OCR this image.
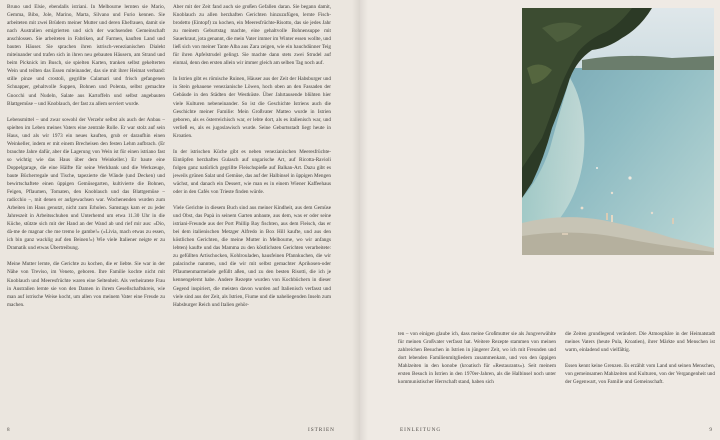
Bruno und Elsie, ebendalls istriani. In Melbourne lernten sie Mario, Gemma, Bibo, Jole, Marino, Marta, Silvano und Furio kennen. Sie arbeiteten mit zwei Brüdern meiner Mutter und deren Ehefrauen, damit sie nach Australien emigrierten und sich der wachsenden Gemeinschaft anschlossen. Sie arbeiteten in Fabriken, auf Farmen, kauften Land und bauten Häuser. Sie sprachen ihren istrisch-venezianischen Dialekt miteinander und trafen sich in ihren neu gebauten Häusern, am Strand und beim Picknick im Busch, sie spielten Karten, tranken selbst gekelterten Wein und teilten das Essen miteinander, das sie mit ihrer Heimat verband: stille pinze und crostoli, gegrillte Calamari und frisch gefangenen Schnapper, gehaltvolle Suppen, Bohnen und Polenta, selbst gemachte Gnocchi und Nudeln, Salate aus Kartoffeln und selbst angebauten Blattgemüse – und Knoblauch, der fast zu allem serviert wurde.

Lebensmittel – und zwar sowohl der Verzehr selbst als auch der Anbau – spielten im Leben meines Vaters eine zentrale Rolle. Er war stolz auf sein Haus, und als wir 1973 ein neues kauften, grub er daraufhin einen Weinkeller, indem er mit einem Brecheisen den festen Lehm aufbrach. (Er brauchte Jahre dafür, aber die Lagerung von Wein ist für einen istriano fast so wichtig wie das Haus über dem Weinkeller.) Er baute eine Doppelgarage, die eine Hälfte für seine Werkbank und die Werkzeuge, baute Bücherregale und Tische, tapezierte die Wände (und Decken) und bewirtschaftete einen üppigen Gemüsegarten, kultivierte die Bohnen, Feigen, Pflaumen, Tomaten, den Knoblauch und das Blattgemüse – radicchio –, mit denen er aufgewachsen war. Wochenenden wurden zum Arbeiten im Haus genutzt, nicht zum Erholen. Samstags kam er zu jeder Jahreszeit in Arbeitsschuhen und Unterhemd um etwa 11.30 Uhr in die Küche, stützte sich mit der Hand an der Wand ab und rief mir aus: «Dio, dà-me de magnar che me tremo le gambe!» («Livia, mach etwas zu essen, ich bin ganz wacklig auf den Beinen!») Wie viele Italiener neigte er zu Dramatik und etwas Übertreibung.

Meine Mutter lernte, die Gerichte zu kochen, die er liebte. Sie war in der Nähe von Treviso, im Veneto, geboren. Ihre Familie kochte nicht mit Knoblauch und Meeresfrüchte waren eine Seltenheit. Als verheiratete Frau in Australien lernte sie von den Damen in ihrem Gesellschaftskreis, wie man auf istrische Weise kocht, um allen von meinem Vater eine Freude zu machen.

Aber mit der Zeit fand auch sie großen Gefallen daran. Sie begann damit, Knoblauch zu allen herzhaften Gerichten hinzuzufügen, lernte Fisch-brodetto (Eintopf) zu kochen, ein Meeresfrüchte-Risotto, das sie jedes Jahr zu meinem Geburtstag machte, eine gehaltvolle Bohnensuppe mit Sauerkraut, jota genannt, die mein Vater immer im Winter essen wollte, und ließ sich von meiner Tante Alba aus Zara zeigen, wie ein hauchdünner Teig für ihren Apfelstrudel gelingt. Sie machte dann stets zwei Strudel auf einmal, denn den ersten allein wir immer gleich am selben Tag noch auf.

In Istrien gibt es römische Ruinen, Häuser aus der Zeit der Habsburger und in Stein gehauene venezianische Löwen, hoch oben an den Fassaden der Gebäude in den Städten der Westküste. Über Jahrtausende blühten hier viele Kulturen nebeneinander. So ist die Geschichte Istriens auch die Geschichte meiner Familie: Mein Großvater Matteo wurde in Istrien geboren, als es österreichisch war, er lebte dort, als es italienisch war, und verließ es, als es jugoslawisch wurde. Seine Geburtsstadt liegt heute in Kroatien.

In der istrischen Küche gibt es neben venezianischen Meeresfrüchte-Eintöpfen herzhaftes Gulasch auf ungarische Art, auf Ricotta-Ravioli folgen ganz natürlich gegrillte Fleischspieße auf Balkan-Art. Dazu gibt es jeweils grünen Salat und Gemüse, das auf der Halbinsel in üppigen Mengen wächst, und danach ein Dessert, wie man es in einem Wiener Kaffeehaus oder in den Cafés von Trieste finden würde.

Viele Gerichte in diesem Buch sind aus meiner Kindheit, aus dem Gemüse und Obst, das Papà in seinem Garten anbaute, aus dem, was er oder seine istriani-Freunde aus der Port Phillip Bay fischten, aus dem Fleisch, das er bei dem italienischen Metzger Alfredo in Box Hill kaufte, und aus den köstlichen Gerichten, die meine Mutter in Melbourne, wo wir anfangs lebten) kaufte und das Mamma zu den köstlichsten Gerichten verarbeitete: zu gefüllten Artischocken, Kohlrouladen, hausfeinen Pfannkuchen, die wir palacinche nannten, und die wir mit selbst gemachter Aprikosen-oder Pflaumenmarmelade gefüllt aßen, und zu den besten Risotti, die ich je kennengelernt habe. Andere Rezepte wurden von Kochbüchern in dieser Gegend inspiriert, die meisten davon wurden auf Italienisch verfasst und viele sind aus der Zeit, als Istrien, Fiume und die naheliegenden Inseln zum Habsburger Reich und Italien gehör-

8	ISTRIEN

ten – von einigen glaube ich, dass meine Großmutter sie als Jungverwählte für meinen Großvater verfasst hat. Weitere Rezepte stammen von meinen zahlreichen Besuchen in Istrien in jüngerer Zeit, wo ich mit Freunden und dort lebenden Familienmitgliedern zusammenkam, und von den üppigen Mahlzeiten in den konobe (kroatisch für «Restaurants»). Seit meinem ersten Besuch in Istrien in den 1970er-Jahren, als die Halbinsel noch unter kommunistischer Herrschaft stand, haben sich

die Zeiten grundlegend verändert. Die Atmosphäre in der Heimatstadt meines Vaters (heute Pula, Kroatien), ihrer Märkte und Menschen ist warm, einladend und vielfältig.

Essen kennt keine Grenzen. Es erzählt vom Land und seinen Menschen, von gemeinsamen Mahlzeiten und Kulturen, von der Vergangenheit und der Gegenwart, von Familie und Gemeinschaft.

EINLEITUNG	9
